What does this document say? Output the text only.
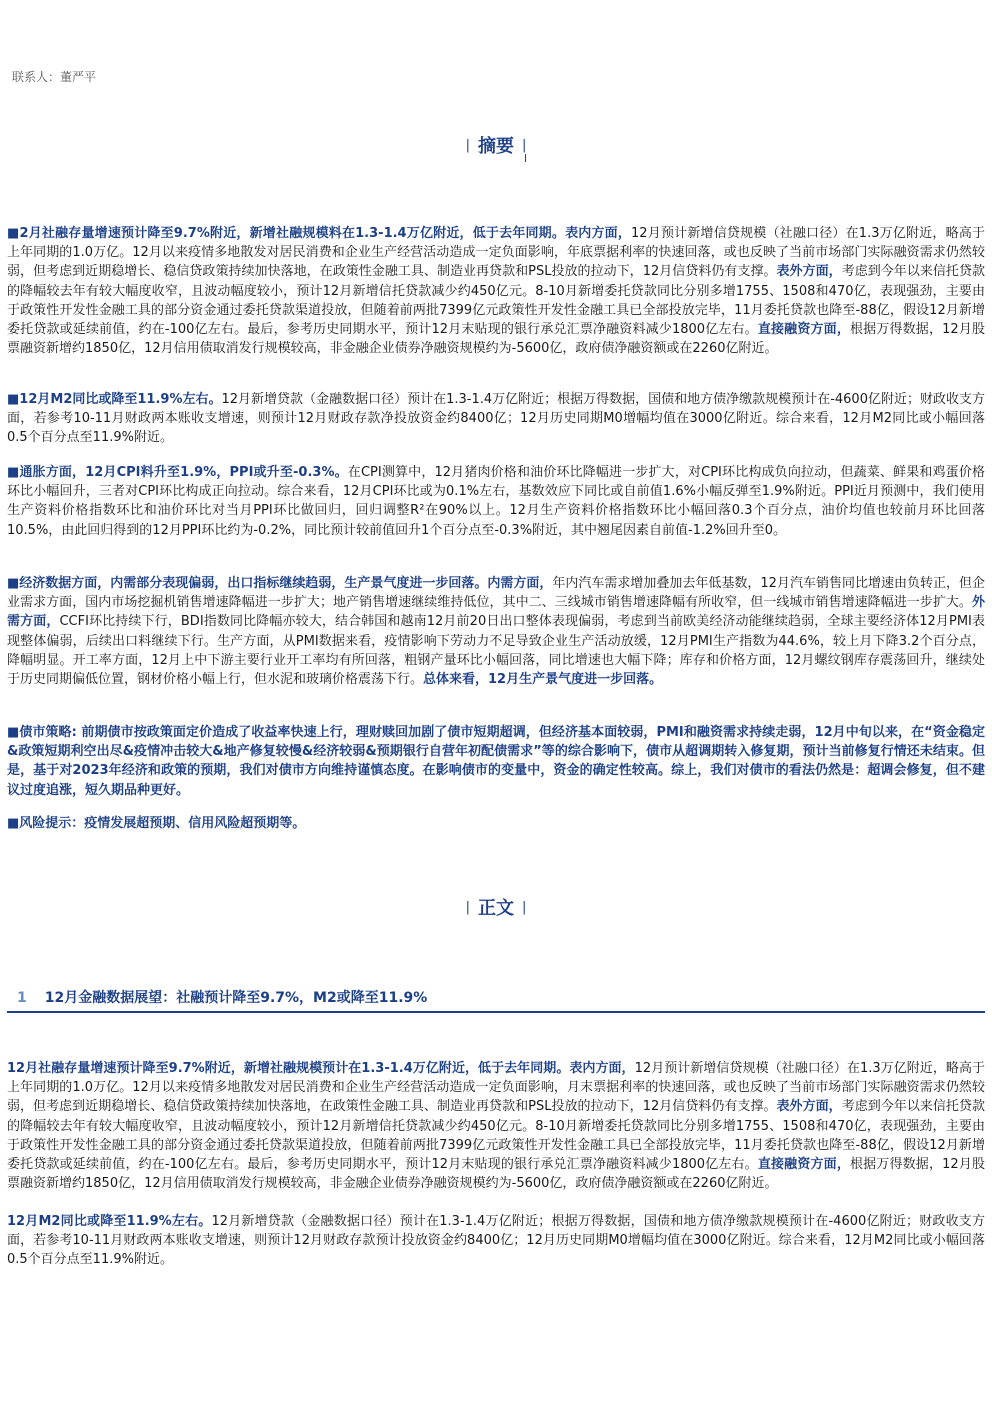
联系人：董严平
| 摘要 |

■2月社融存量增速预计降至9.7%附近，新增社融规模料在1.3-1.4万亿附近，低于去年同期。表内方面，12月预计新增信贷规模（社融口径）在1.3万亿附近，略高于上年同期的1.0万亿。12月以来疫情多地散发对居民消费和企业生产经营活动造成一定负面影响，年底票据利率的快速回落，或也反映了当前市场部门实际融资需求仍然较弱，但考虑到近期稳增长、稳信贷政策持续加快落地，在政策性金融工具、制造业再贷款和PSL投放的拉动下，12月信贷料仍有支撑。表外方面，考虑到今年以来信托贷款的降幅较去年有较大幅度收窄，且波动幅度较小，预计12月新增信托贷款减少约450亿元。8-10月新增委托贷款同比分别多增1755、1508和470亿，表现强劲，主要由于政策性开发性金融工具的部分资金通过委托贷款渠道投放，但随着前两批7399亿元政策性开发性金融工具已全部投放完毕，11月委托贷款也降至-88亿，假设12月新增委托贷款或延续前值，约在-100亿左右。最后，参考历史同期水平，预计12月末贴现的银行承兑汇票净融资料减少1800亿左右。直接融资方面，根据万得数据，12月股票融资新增约1850亿，12月信用债取消发行规模较高，非金融企业债券净融资规模约为-5600亿，政府债净融资额或在2260亿附近。

■12月M2同比或降至11.9%左右。12月新增贷款（金融数据口径）预计在1.3-1.4万亿附近；根据万得数据，国债和地方债净缴款规模预计在-4600亿附近；财政收支方面，若参考10-11月财政两本账收支增速，则预计12月财政存款净投放资金约8400亿；12月历史同期M0增幅均值在3000亿附近。综合来看，12月M2同比或小幅回落0.5个百分点至11.9%附近。

■通胀方面，12月CPI料升至1.9%，PPI或升至-0.3%。在CPI测算中，12月猪肉价格和油价环比降幅进一步扩大，对CPI环比构成负向拉动，但蔬菜、鲜果和鸡蛋价格环比小幅回升，三者对CPI环比构成正向拉动。综合来看，12月CPI环比或为0.1%左右，基数效应下同比或自前值1.6%小幅反弹至1.9%附近。PPI近月预测中，我们使用生产资料价格指数环比和油价环比对当月PPI环比做回归，回归调整R²在90%以上。12月生产资料价格指数环比小幅回落0.3个百分点，油价均值也较前月环比回落10.5%，由此回归得到的12月PPI环比约为-0.2%，同比预计较前值回升1个百分点至-0.3%附近，其中翘尾因素自前值-1.2%回升至0。

■经济数据方面，内需部分表现偏弱，出口指标继续趋弱，生产景气度进一步回落。内需方面，年内汽车需求增加叠加去年低基数，12月汽车销售同比增速由负转正，但企业需求方面，国内市场挖掘机销售增速降幅进一步扩大；地产销售增速继续维持低位，其中二、三线城市销售增速降幅有所收窄，但一线城市销售增速降幅进一步扩大。外需方面，CCFI环比持续下行，BDI指数同比降幅亦较大，结合韩国和越南12月前20日出口整体表现偏弱，考虑到当前欧美经济动能继续趋弱，全球主要经济体12月PMI表现整体偏弱，后续出口料继续下行。生产方面，从PMI数据来看，疫情影响下劳动力不足导致企业生产活动放缓，12月PMI生产指数为44.6%，较上月下降3.2个百分点，降幅明显。开工率方面，12月上中下游主要行业开工率均有所回落，粗钢产量环比小幅回落，同比增速也大幅下降；库存和价格方面，12月螺纹钢库存震荡回升，继续处于历史同期偏低位置，钢材价格小幅上行，但水泥和玻璃价格震荡下行。总体来看，12月生产景气度进一步回落。

■债市策略: 前期债市按政策面定价造成了收益率快速上行，理财赎回加剧了债市短期超调，但经济基本面较弱，PMI和融资需求持续走弱，12月中旬以来，在“资金稳定&政策短期利空出尽&疫情冲击较大&地产修复较慢&经济较弱&预期银行自营年初配债需求”等的综合影响下，债市从超调期转入修复期，预计当前修复行情还未结束。但是，基于对2023年经济和政策的预期，我们对债市方向维持谨慎态度。在影响债市的变量中，资金的确定性较高。综上，我们对债市的看法仍然是：超调会修复，但不建议过度追涨，短久期品种更好。

■风险提示：疫情发展超预期、信用风险超预期等。

| 正文 |
1 12月金融数据展望：社融预计降至9.7%，M2或降至11.9%

12月社融存量增速预计降至9.7%附近，新增社融规模预计在1.3-1.4万亿附近，低于去年同期。表内方面，12月预计新增信贷规模（社融口径）在1.3万亿附近，略高于上年同期的1.0万亿。12月以来疫情多地散发对居民消费和企业生产经营活动造成一定负面影响，月末票据利率的快速回落，或也反映了当前市场部门实际融资需求仍然较弱，但考虑到近期稳增长、稳信贷政策持续加快落地，在政策性金融工具、制造业再贷款和PSL投放的拉动下，12月信贷料仍有支撑。表外方面，考虑到今年以来信托贷款的降幅较去年有较大幅度收窄，且波动幅度较小，预计12月新增信托贷款减少约450亿元。8-10月新增委托贷款同比分别多增1755、1508和470亿，表现强劲，主要由于政策性开发性金融工具的部分资金通过委托贷款渠道投放，但随着前两批7399亿元政策性开发性金融工具已全部投放完毕，11月委托贷款也降至-88亿，假设12月新增委托贷款或延续前值，约在-100亿左右。最后，参考历史同期水平，预计12月末贴现的银行承兑汇票净融资料减少1800亿左右。直接融资方面，根据万得数据，12月股票融资新增约1850亿，12月信用债取消发行规模较高，非金融企业债券净融资规模约为-5600亿，政府债净融资额或在2260亿附近。

12月M2同比或降至11.9%左右。12月新增贷款（金融数据口径）预计在1.3-1.4万亿附近；根据万得数据，国债和地方债净缴款规模预计在-4600亿附近；财政收支方面，若参考10-11月财政两本账收支增速，则预计12月财政存款预计投放资金约8400亿；12月历史同期M0增幅均值在3000亿附近。综合来看，12月M2同比或小幅回落0.5个百分点至11.9%附近。
